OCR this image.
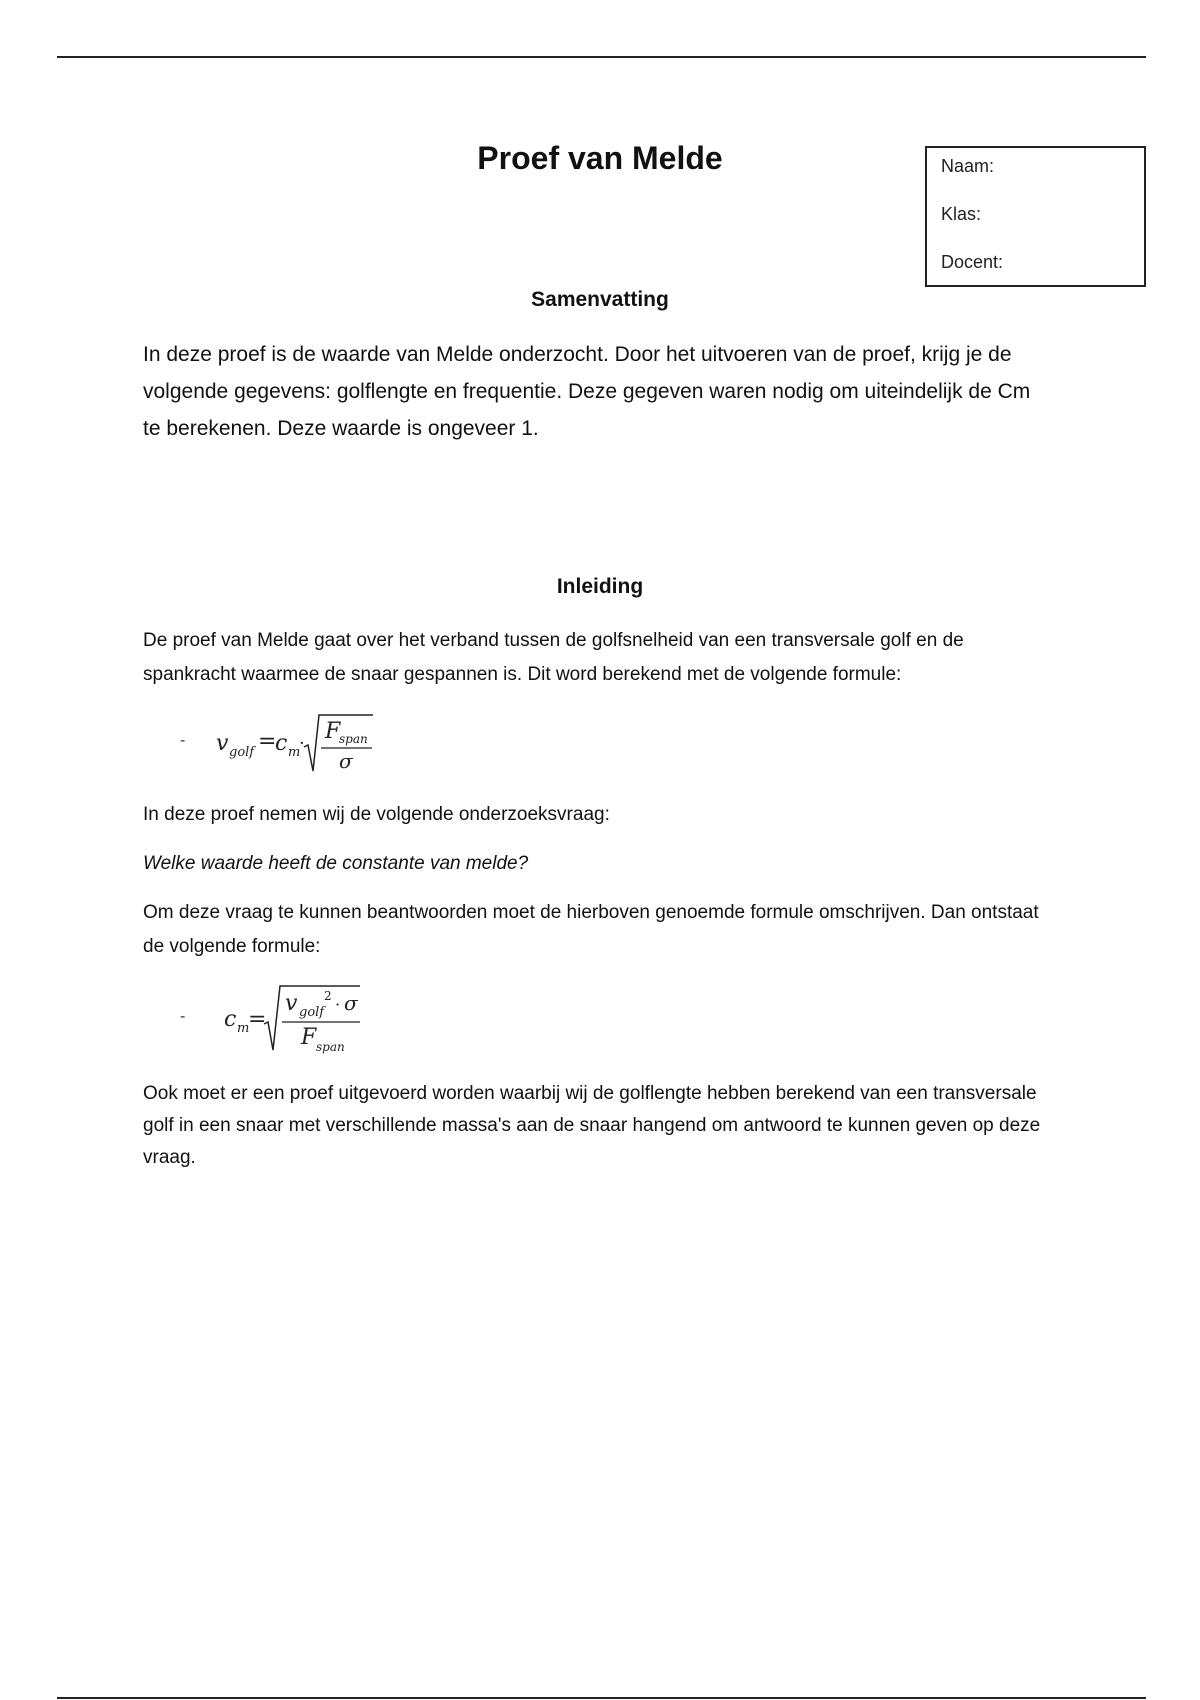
Proef van Melde	Naam:
Klas:
Docent:
Samenvatting

In deze proef is de waarde van Melde onderzocht. Door het uitvoeren van de proef, krijg je de volgende gegevens: golflengte en frequentie. Deze gegeven waren nodig om uiteindelijk de Cm te berekenen. Deze waarde is ongeveer 1.

Inleiding

De proef van Melde gaat over het verband tussen de golfsnelheid van een transversale golf en de spankracht waarmee de snaar gespannen is. Dit word berekend met de volgende formule:

- v golf =
c m
· F
span
σ

In deze proef nemen wij de volgende onderzoeksvraag:

Welke waarde heeft de constante van melde?

Om deze vraag te kunnen beantwoorden moet de hierboven genoemde formule omschrijven. Dan ontstaat de volgende formule:

- c m
=
v golf
2 · σ
F span

Ook moet er een proef uitgevoerd worden waarbij wij de golflengte hebben berekend van een transversale golf in een snaar met verschillende massa's aan de snaar hangend om antwoord te kunnen geven op deze vraag.
